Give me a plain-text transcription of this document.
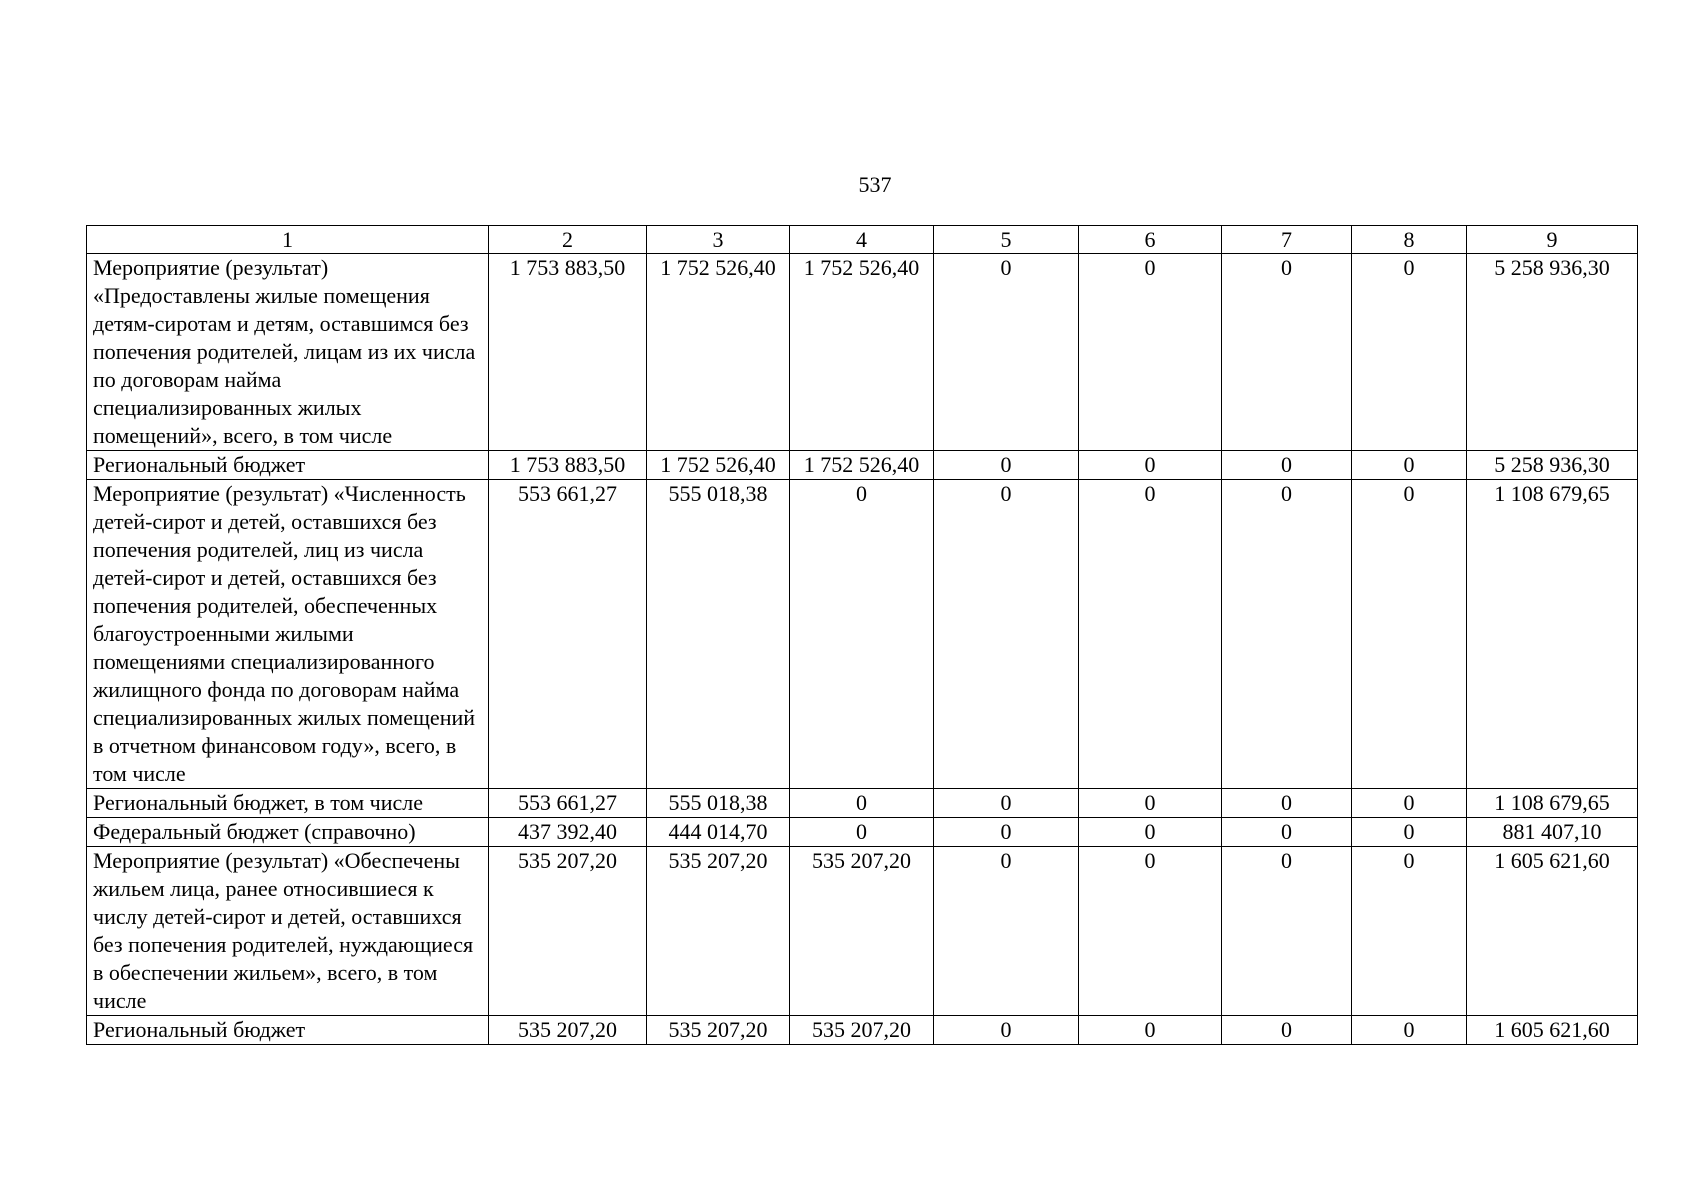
537
1	2	3	4	5	6	7	8	9
Мероприятие (результат) «Предоставлены жилые помещения детям-сиротам и детям, оставшимся без попечения родителей, лицам из их числа по договорам найма специализированных жилых помещений», всего, в том числе	1 753 883,50	1 752 526,40	1 752 526,40	0	0	0	0	5 258 936,30
Региональный бюджет	1 753 883,50	1 752 526,40	1 752 526,40	0	0	0	0	5 258 936,30
Мероприятие (результат) «Численность детей-сирот и детей, оставшихся без попечения родителей, лиц из числа детей-сирот и детей, оставшихся без попечения родителей, обеспеченных благоустроенными жилыми помещениями специализированного жилищного фонда по договорам найма специализированных жилых помещений в отчетном финансовом году», всего, в том числе	553 661,27	555 018,38	0	0	0	0	0	1 108 679,65
Региональный бюджет, в том числе	553 661,27	555 018,38	0	0	0	0	0	1 108 679,65
Федеральный бюджет (справочно)	437 392,40	444 014,70	0	0	0	0	0	881 407,10
Мероприятие (результат) «Обеспечены жильем лица, ранее относившиеся к числу детей-сирот и детей, оставшихся без попечения родителей, нуждающиеся в обеспечении жильем», всего, в том числе	535 207,20	535 207,20	535 207,20	0	0	0	0	1 605 621,60
Региональный бюджет	535 207,20	535 207,20	535 207,20	0	0	0	0	1 605 621,60
